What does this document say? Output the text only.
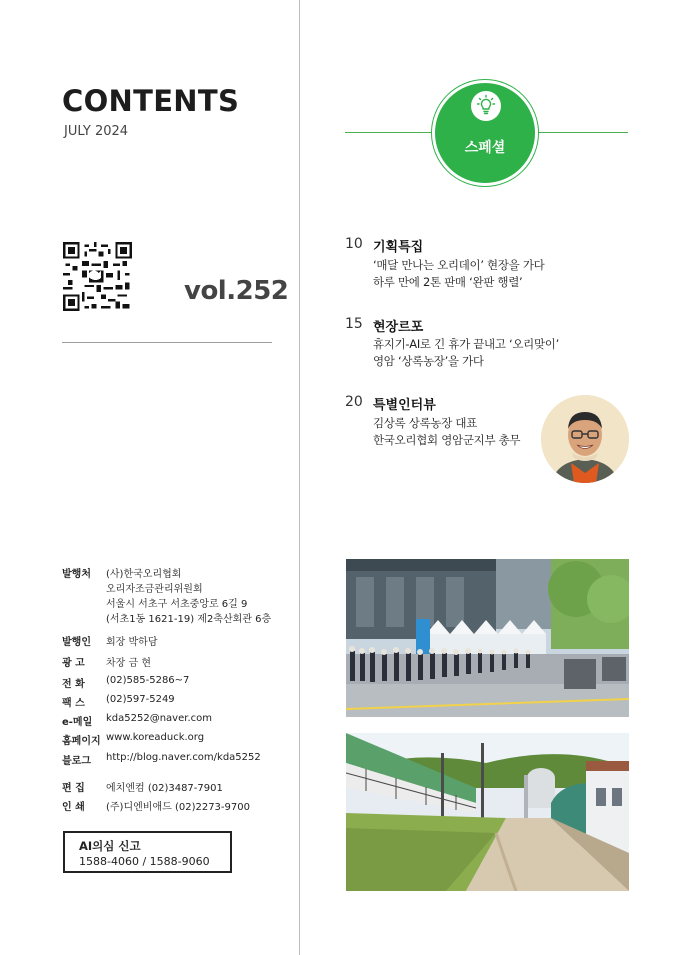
CONTENTS
JULY 2024
vol.252
스페셜
10 기획특집
‘매달 만나는 오리데이’ 현장을 가다
하루 만에 2톤 판매 ‘완판 행렬’
15 현장르포
휴지기-AI로 긴 휴가 끝내고 ‘오리맞이’
영암 ‘상록농장’을 가다
20 특별인터뷰
김상록 상록농장 대표
한국오리협회 영암군지부 총무
발행처 (사)한국오리협회
오리자조금관리위원회
서울시 서초구 서초중앙로 6길 9
(서초1동 1621-19) 제2축산회관 6층
발행인 회장 박하담
광 고 차장 금 현
전 화 (02)585-5286~7
팩 스 (02)597-5249
e-메일 kda5252@naver.com
홈페이지 www.koreaduck.org
블로그 http://blog.naver.com/kda5252
편 집 에치엔컴 (02)3487-7901
인 쇄 (주)디엔비애드 (02)2273-9700
AI의심 신고
1588-4060 / 1588-9060
